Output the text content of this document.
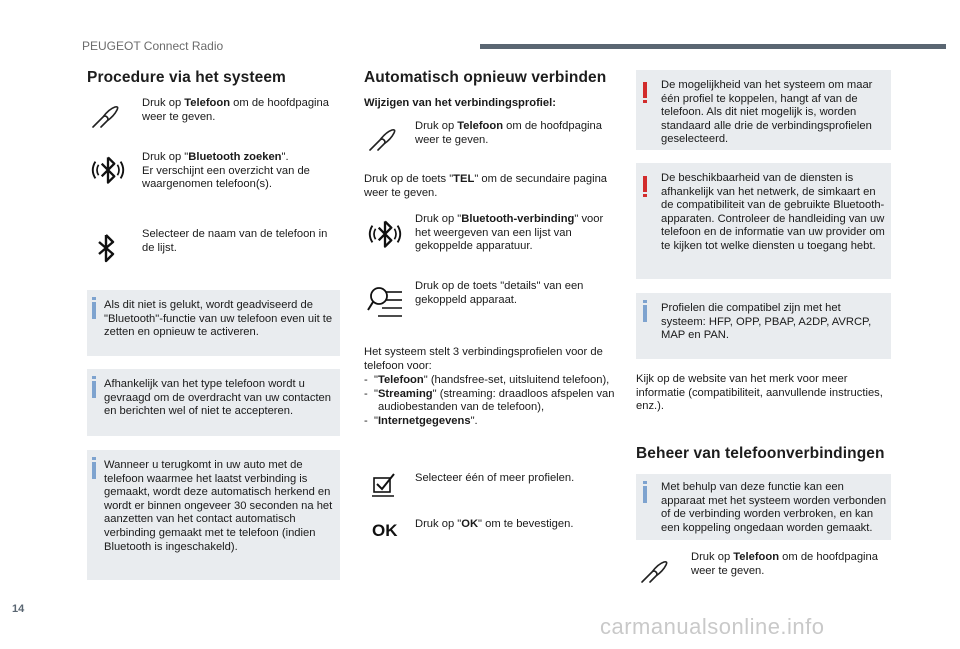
PEUGEOT Connect Radio
Procedure via het systeem
Druk op Telefoon om de hoofdpagina weer te geven.
Druk op "Bluetooth zoeken".
Er verschijnt een overzicht van de waargenomen telefoon(s).
Selecteer de naam van de telefoon in de lijst.
Als dit niet is gelukt, wordt geadviseerd de "Bluetooth"-functie van uw telefoon even uit te zetten en opnieuw te activeren.
Afhankelijk van het type telefoon wordt u gevraagd om de overdracht van uw contacten en berichten wel of niet te accepteren.
Wanneer u terugkomt in uw auto met de telefoon waarmee het laatst verbinding is gemaakt, wordt deze automatisch herkend en wordt er binnen ongeveer 30 seconden na het aanzetten van het contact automatisch verbinding gemaakt met te telefoon (indien Bluetooth is ingeschakeld).
Automatisch opnieuw verbinden
Wijzigen van het verbindingsprofiel:
Druk op Telefoon om de hoofdpagina weer te geven.
Druk op de toets "TEL" om de secundaire pagina weer te geven.
Druk op "Bluetooth-verbinding" voor het weergeven van een lijst van gekoppelde apparatuur.
Druk op de toets "details" van een gekoppeld apparaat.
Het systeem stelt 3 verbindingsprofielen voor de telefoon voor:
- "Telefoon" (handsfree-set, uitsluitend telefoon),
- "Streaming" (streaming: draadloos afspelen van audiobestanden van de telefoon),
- "Internetgegevens".
Selecteer één of meer profielen.
OK Druk op "OK" om te bevestigen.
De mogelijkheid van het systeem om maar één profiel te koppelen, hangt af van de telefoon. Als dit niet mogelijk is, worden standaard alle drie de verbindingsprofielen geselecteerd.
De beschikbaarheid van de diensten is afhankelijk van het netwerk, de simkaart en de compatibiliteit van de gebruikte Bluetooth-apparaten. Controleer de handleiding van uw telefoon en de informatie van uw provider om te kijken tot welke diensten u toegang hebt.
Profielen die compatibel zijn met het systeem: HFP, OPP, PBAP, A2DP, AVRCP, MAP en PAN.
Kijk op de website van het merk voor meer informatie (compatibiliteit, aanvullende instructies, enz.).
Beheer van telefoonverbindingen
Met behulp van deze functie kan een apparaat met het systeem worden verbonden of de verbinding worden verbroken, en kan een koppeling ongedaan worden gemaakt.
Druk op Telefoon om de hoofdpagina weer te geven.
14
carmanualsonline.info
